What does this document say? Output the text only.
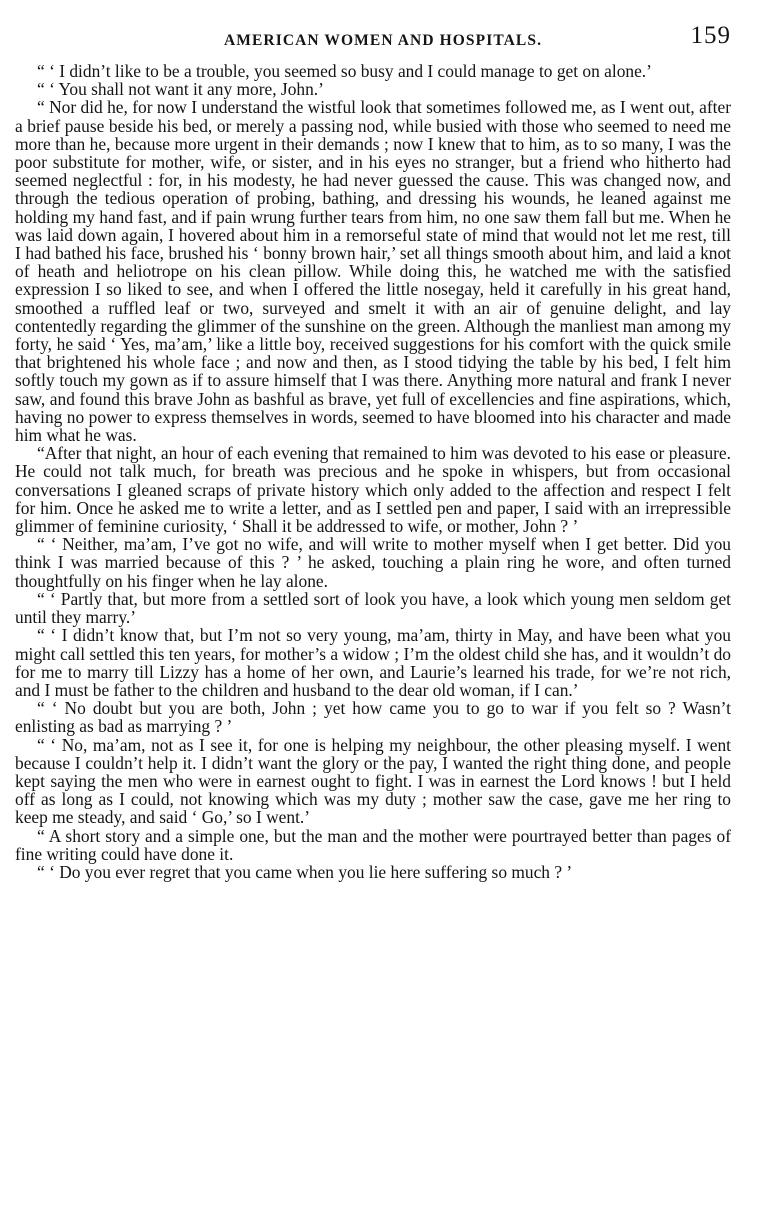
AMERICAN WOMEN AND HOSPITALS.	159

“ ‘ I didn’t like to be a trouble, you seemed so busy and I could manage to get on alone.’

“ ‘ You shall not want it any more, John.’

“ Nor did he, for now I understand the wistful look that sometimes followed me, as I went out, after a brief pause beside his bed, or merely a passing nod, while busied with those who seemed to need me more than he, because more urgent in their demands ; now I knew that to him, as to so many, I was the poor substitute for mother, wife, or sister, and in his eyes no stranger, but a friend who hitherto had seemed neglectful : for, in his modesty, he had never guessed the cause. This was changed now, and through the tedious operation of probing, bathing, and dressing his wounds, he leaned against me holding my hand fast, and if pain wrung further tears from him, no one saw them fall but me. When he was laid down again, I hovered about him in a remorseful state of mind that would not let me rest, till I had bathed his face, brushed his ‘ bonny brown hair,’ set all things smooth about him, and laid a knot of heath and heliotrope on his clean pillow. While doing this, he watched me with the satisfied expression I so liked to see, and when I offered the little nosegay, held it carefully in his great hand, smoothed a ruffled leaf or two, surveyed and smelt it with an air of genuine delight, and lay contentedly regarding the glimmer of the sunshine on the green. Although the manliest man among my forty, he said ‘ Yes, ma’am,’ like a little boy, received suggestions for his comfort with the quick smile that brightened his whole face ; and now and then, as I stood tidying the table by his bed, I felt him softly touch my gown as if to assure himself that I was there. Anything more natural and frank I never saw, and found this brave John as bashful as brave, yet full of excellencies and fine aspirations, which, having no power to express themselves in words, seemed to have bloomed into his character and made him what he was.

“After that night, an hour of each evening that remained to him was devoted to his ease or pleasure. He could not talk much, for breath was precious and he spoke in whispers, but from occasional conversations I gleaned scraps of private history which only added to the affection and respect I felt for him. Once he asked me to write a letter, and as I settled pen and paper, I said with an irrepressible glimmer of feminine curiosity, ‘ Shall it be addressed to wife, or mother, John ? ’

“ ‘ Neither, ma’am, I’ve got no wife, and will write to mother myself when I get better. Did you think I was married because of this ? ’ he asked, touching a plain ring he wore, and often turned thoughtfully on his finger when he lay alone.

“ ‘ Partly that, but more from a settled sort of look you have, a look which young men seldom get until they marry.’

“ ‘ I didn’t know that, but I’m not so very young, ma’am, thirty in May, and have been what you might call settled this ten years, for mother’s a widow ; I’m the oldest child she has, and it wouldn’t do for me to marry till Lizzy has a home of her own, and Laurie’s learned his trade, for we’re not rich, and I must be father to the children and husband to the dear old woman, if I can.’

“ ‘ No doubt but you are both, John ; yet how came you to go to war if you felt so ? Wasn’t enlisting as bad as marrying ? ’

“ ‘ No, ma’am, not as I see it, for one is helping my neighbour, the other pleasing myself. I went because I couldn’t help it. I didn’t want the glory or the pay, I wanted the right thing done, and people kept saying the men who were in earnest ought to fight. I was in earnest the Lord knows ! but I held off as long as I could, not knowing which was my duty ; mother saw the case, gave me her ring to keep me steady, and said ‘ Go,’ so I went.’

“ A short story and a simple one, but the man and the mother were pourtrayed better than pages of fine writing could have done it.

“ ‘ Do you ever regret that you came when you lie here suffering so much ? ’
